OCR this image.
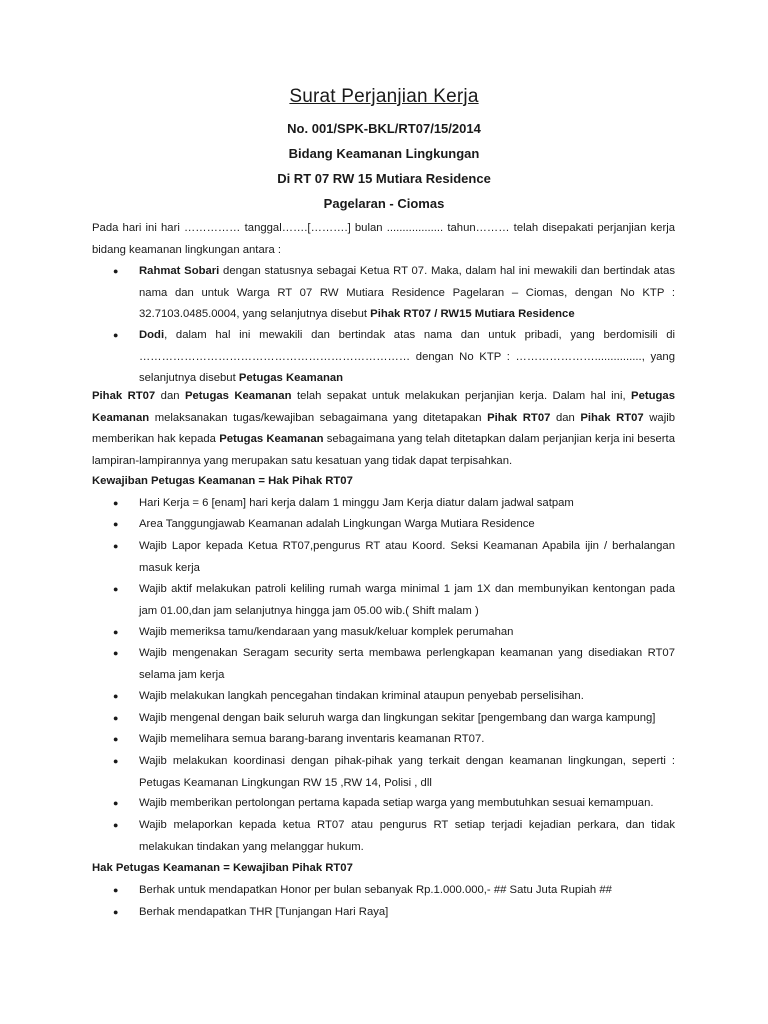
Surat Perjanjian Kerja
No. 001/SPK-BKL/RT07/15/2014
Bidang Keamanan Lingkungan
Di RT 07 RW 15 Mutiara Residence
Pagelaran - Ciomas
Pada hari ini hari …………… tanggal…….[……….] bulan .................. tahun……… telah disepakati perjanjian kerja bidang keamanan lingkungan antara :
●	Rahmat Sobari dengan statusnya sebagai Ketua RT 07. Maka, dalam hal ini mewakili dan bertindak atas nama dan untuk Warga RT 07 RW Mutiara Residence Pagelaran – Ciomas, dengan No KTP : 32.7103.0485.0004, yang selanjutnya disebut Pihak RT07 / RW15 Mutiara Residence
●	Dodi, dalam hal ini mewakili dan bertindak atas nama dan untuk pribadi, yang berdomisili di ……………………………………………………………… dengan No KTP : …………………..............., yang selanjutnya disebut Petugas Keamanan
Pihak RT07 dan Petugas Keamanan telah sepakat untuk melakukan perjanjian kerja. Dalam hal ini, Petugas Keamanan melaksanakan tugas/kewajiban sebagaimana yang ditetapakan Pihak RT07 dan Pihak RT07 wajib memberikan hak kepada Petugas Keamanan sebagaimana yang telah ditetapkan dalam perjanjian kerja ini beserta lampiran-lampirannya yang merupakan satu kesatuan yang tidak dapat terpisahkan.
Kewajiban Petugas Keamanan = Hak Pihak RT07
●	Hari Kerja = 6 [enam] hari kerja dalam 1 minggu Jam Kerja diatur dalam jadwal satpam
●	Area Tanggungjawab Keamanan adalah Lingkungan Warga Mutiara Residence
●	Wajib Lapor kepada Ketua RT07,pengurus RT atau Koord. Seksi Keamanan Apabila ijin / berhalangan masuk kerja
●	Wajib aktif melakukan patroli keliling rumah warga minimal 1 jam 1X dan membunyikan kentongan pada jam 01.00,dan jam selanjutnya hingga jam 05.00 wib.( Shift malam )
●	Wajib memeriksa tamu/kendaraan yang masuk/keluar komplek perumahan
●	Wajib mengenakan Seragam security serta membawa perlengkapan keamanan yang disediakan RT07 selama jam kerja
●	Wajib melakukan langkah pencegahan tindakan kriminal ataupun penyebab perselisihan.
●	Wajib mengenal dengan baik seluruh warga dan lingkungan sekitar [pengembang dan warga kampung]
●	Wajib memelihara semua barang-barang inventaris keamanan RT07.
●	Wajib melakukan koordinasi dengan pihak-pihak yang terkait dengan keamanan lingkungan, seperti : Petugas Keamanan Lingkungan RW 15 ,RW 14, Polisi , dll
●	Wajib memberikan pertolongan pertama kapada setiap warga yang membutuhkan sesuai kemampuan.
●	Wajib melaporkan kepada ketua RT07 atau pengurus RT setiap terjadi kejadian perkara, dan tidak melakukan tindakan yang melanggar hukum.
Hak Petugas Keamanan = Kewajiban Pihak RT07
●	Berhak untuk mendapatkan Honor per bulan sebanyak Rp.1.000.000,- ## Satu Juta Rupiah ##
●	Berhak mendapatkan THR [Tunjangan Hari Raya]
